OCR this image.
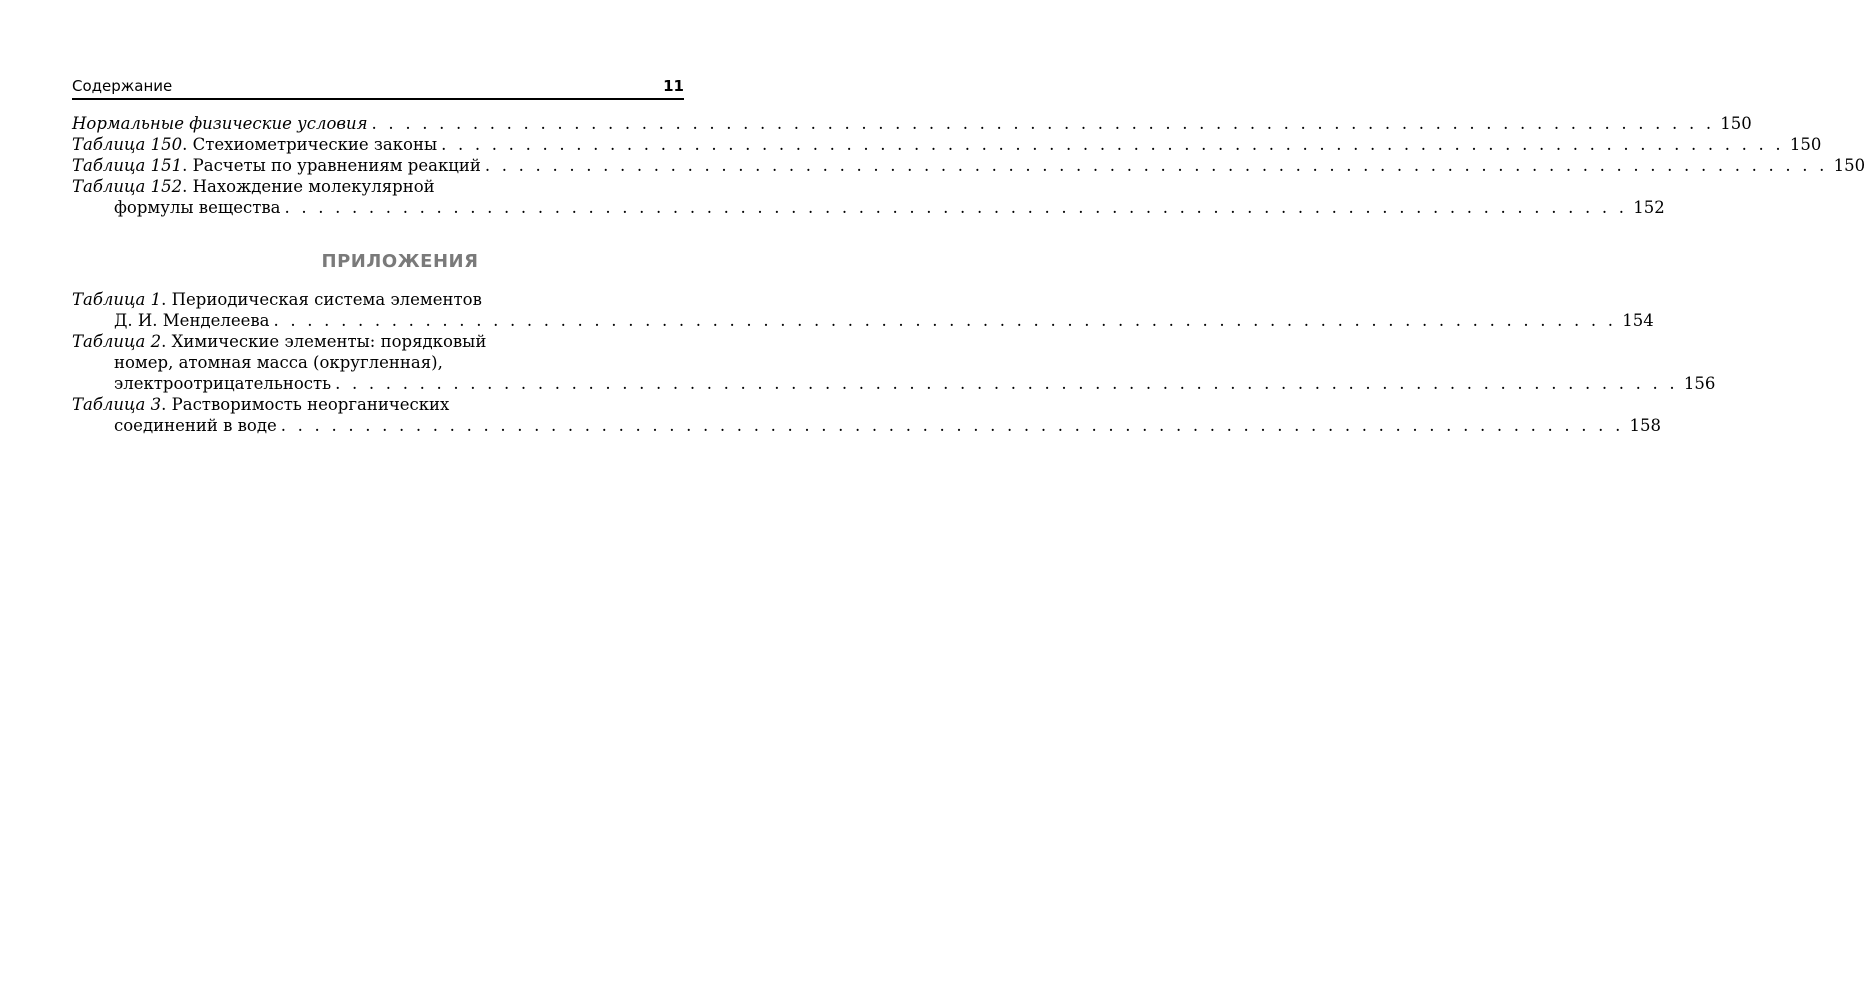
Содержание	11
Нормальные физические условия . . . . . . . . . . . . . . . . . . . . . . . . . . . . . . . . . . . . . . . . . . . . . . . . . . . . . . . . . . . . . . . . . . . . . . . . . . . . . . . . 150
Таблица 150. Стехиометрические законы . . . . . . . . . . . . . . . . . . . . . . . . . . . . . . . . . . . . . . . . . . . . . . . . . . . . . . . . . . . . . . . . . . . . . . . . . . . . . . . . 150
Таблица 151. Расчеты по уравнениям реакций . . . . . . . . . . . . . . . . . . . . . . . . . . . . . . . . . . . . . . . . . . . . . . . . . . . . . . . . . . . . . . . . . . . . . . . . . . . . . . . . 150
Таблица 152. Нахождение молекулярной
формулы вещества . . . . . . . . . . . . . . . . . . . . . . . . . . . . . . . . . . . . . . . . . . . . . . . . . . . . . . . . . . . . . . . . . . . . . . . . . . . . . . . . 152
ПРИЛОЖЕНИЯ
Таблица 1. Периодическая система элементов
Д. И. Менделеева . . . . . . . . . . . . . . . . . . . . . . . . . . . . . . . . . . . . . . . . . . . . . . . . . . . . . . . . . . . . . . . . . . . . . . . . . . . . . . . . 154
Таблица 2. Химические элементы: порядковый
номер, атомная масса (округленная),
электроотрицательность . . . . . . . . . . . . . . . . . . . . . . . . . . . . . . . . . . . . . . . . . . . . . . . . . . . . . . . . . . . . . . . . . . . . . . . . . . . . . . . . 156
Таблица 3. Растворимость неорганических
соединений в воде . . . . . . . . . . . . . . . . . . . . . . . . . . . . . . . . . . . . . . . . . . . . . . . . . . . . . . . . . . . . . . . . . . . . . . . . . . . . . . . . 158
